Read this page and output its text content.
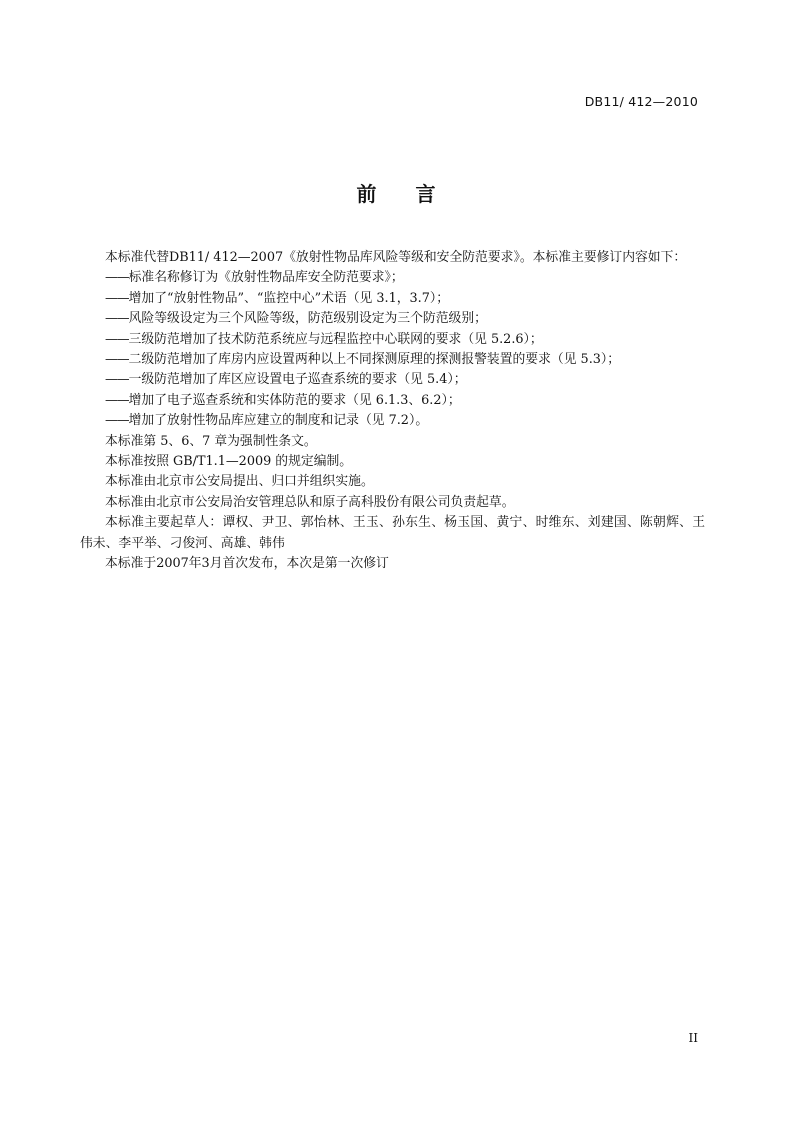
DB11/ 412—2010
前 言

本标准代替DB11/ 412—2007《放射性物品库风险等级和安全防范要求》。本标准主要修订内容如下：

——标准名称修订为《放射性物品库安全防范要求》；

——增加了“放射性物品”、“监控中心”术语（见 3.1，3.7）；

——风险等级设定为三个风险等级，防范级别设定为三个防范级别；

——三级防范增加了技术防范系统应与远程监控中心联网的要求（见 5.2.6）；

——二级防范增加了库房内应设置两种以上不同探测原理的探测报警装置的要求（见 5.3）；

——一级防范增加了库区应设置电子巡查系统的要求（见 5.4）；

——增加了电子巡查系统和实体防范的要求（见 6.1.3、6.2）；

——增加了放射性物品库应建立的制度和记录（见 7.2）。

本标准第 5、6、7 章为强制性条文。

本标准按照 GB/T1.1—2009 的规定编制。

本标准由北京市公安局提出、归口并组织实施。

本标准由北京市公安局治安管理总队和原子高科股份有限公司负责起草。

本标准主要起草人：谭权、尹卫、郭怡林、王玉、孙东生、杨玉国、黄宁、时维东、刘建国、陈朝辉、王伟未、李平举、刁俊河、高雄、韩伟

本标准于2007年3月首次发布，本次是第一次修订

II
